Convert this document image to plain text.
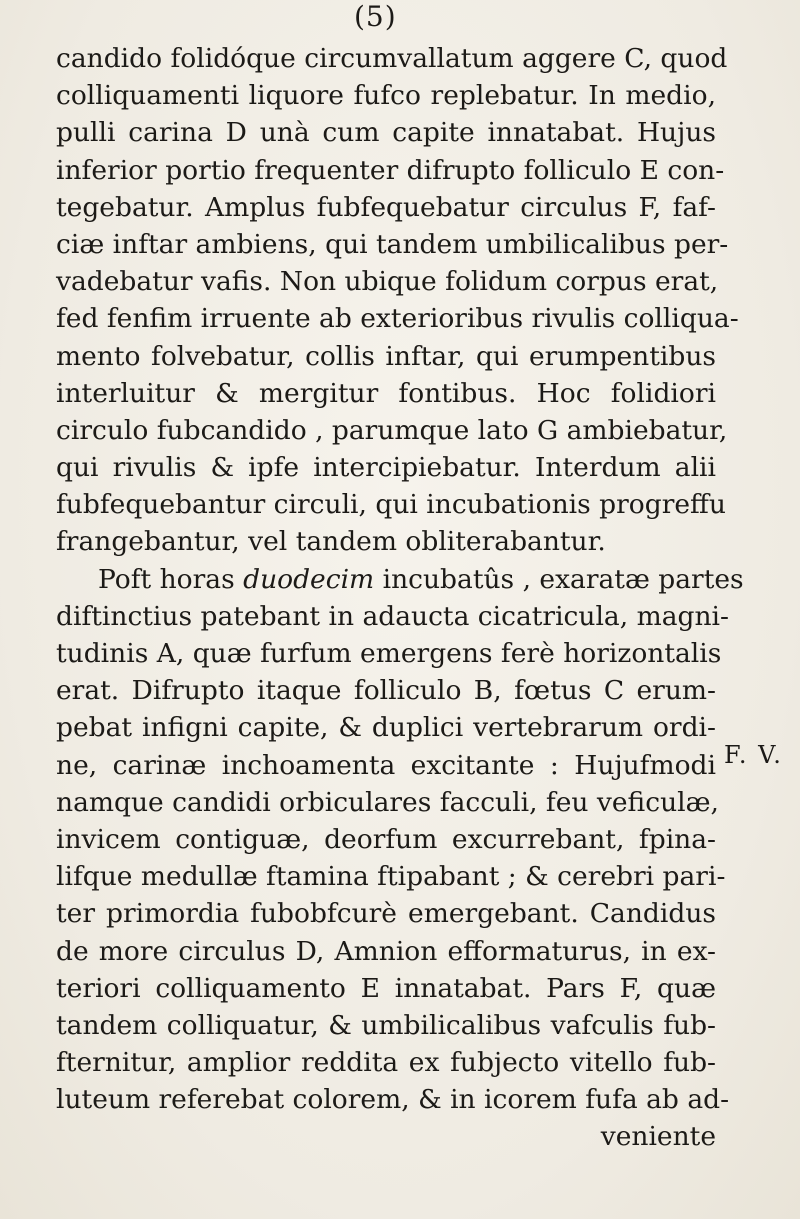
(5)
candido folidóque circumvallatum aggere C, quod
colliquamenti liquore fufco replebatur. In medio,
pulli carina D unà cum capite innatabat. Hujus
inferior portio frequenter difrupto folliculo E con-
tegebatur. Amplus fubfequebatur circulus F, faf-
ciæ inftar ambiens, qui tandem umbilicalibus per-
vadebatur vafis. Non ubique folidum corpus erat,
fed fenfim irruente ab exterioribus rivulis colliqua-
mento folvebatur, collis inftar, qui erumpentibus
interluitur & mergitur fontibus. Hoc folidiori
circulo fubcandido , parumque lato G ambiebatur,
qui rivulis & ipfe intercipiebatur. Interdum alii
fubfequebantur circuli, qui incubationis progreffu
frangebantur, vel tandem obliterabantur.
Poft horas duodecim incubatûs , exaratæ partes
diftinctius patebant in adaucta cicatricula, magni-
tudinis A, quæ furfum emergens ferè horizontalis
erat. Difrupto itaque folliculo B, fœtus C erum-
pebat infigni capite, & duplici vertebrarum ordi-
ne, carinæ inchoamenta excitante : Hujufmodi
namque candidi orbiculares facculi, feu veficulæ,
invicem contiguæ, deorfum excurrebant, fpina-
lifque medullæ ftamina ftipabant ; & cerebri pari-
ter primordia fubobfcurè emergebant. Candidus
de more circulus D, Amnion efformaturus, in ex-
teriori colliquamento E innatabat. Pars F, quæ
tandem colliquatur, & umbilicalibus vafculis fub-
fternitur, amplior reddita ex fubjecto vitello fub-
luteum referebat colorem, & in icorem fufa ab ad-
veniente
F. V.
